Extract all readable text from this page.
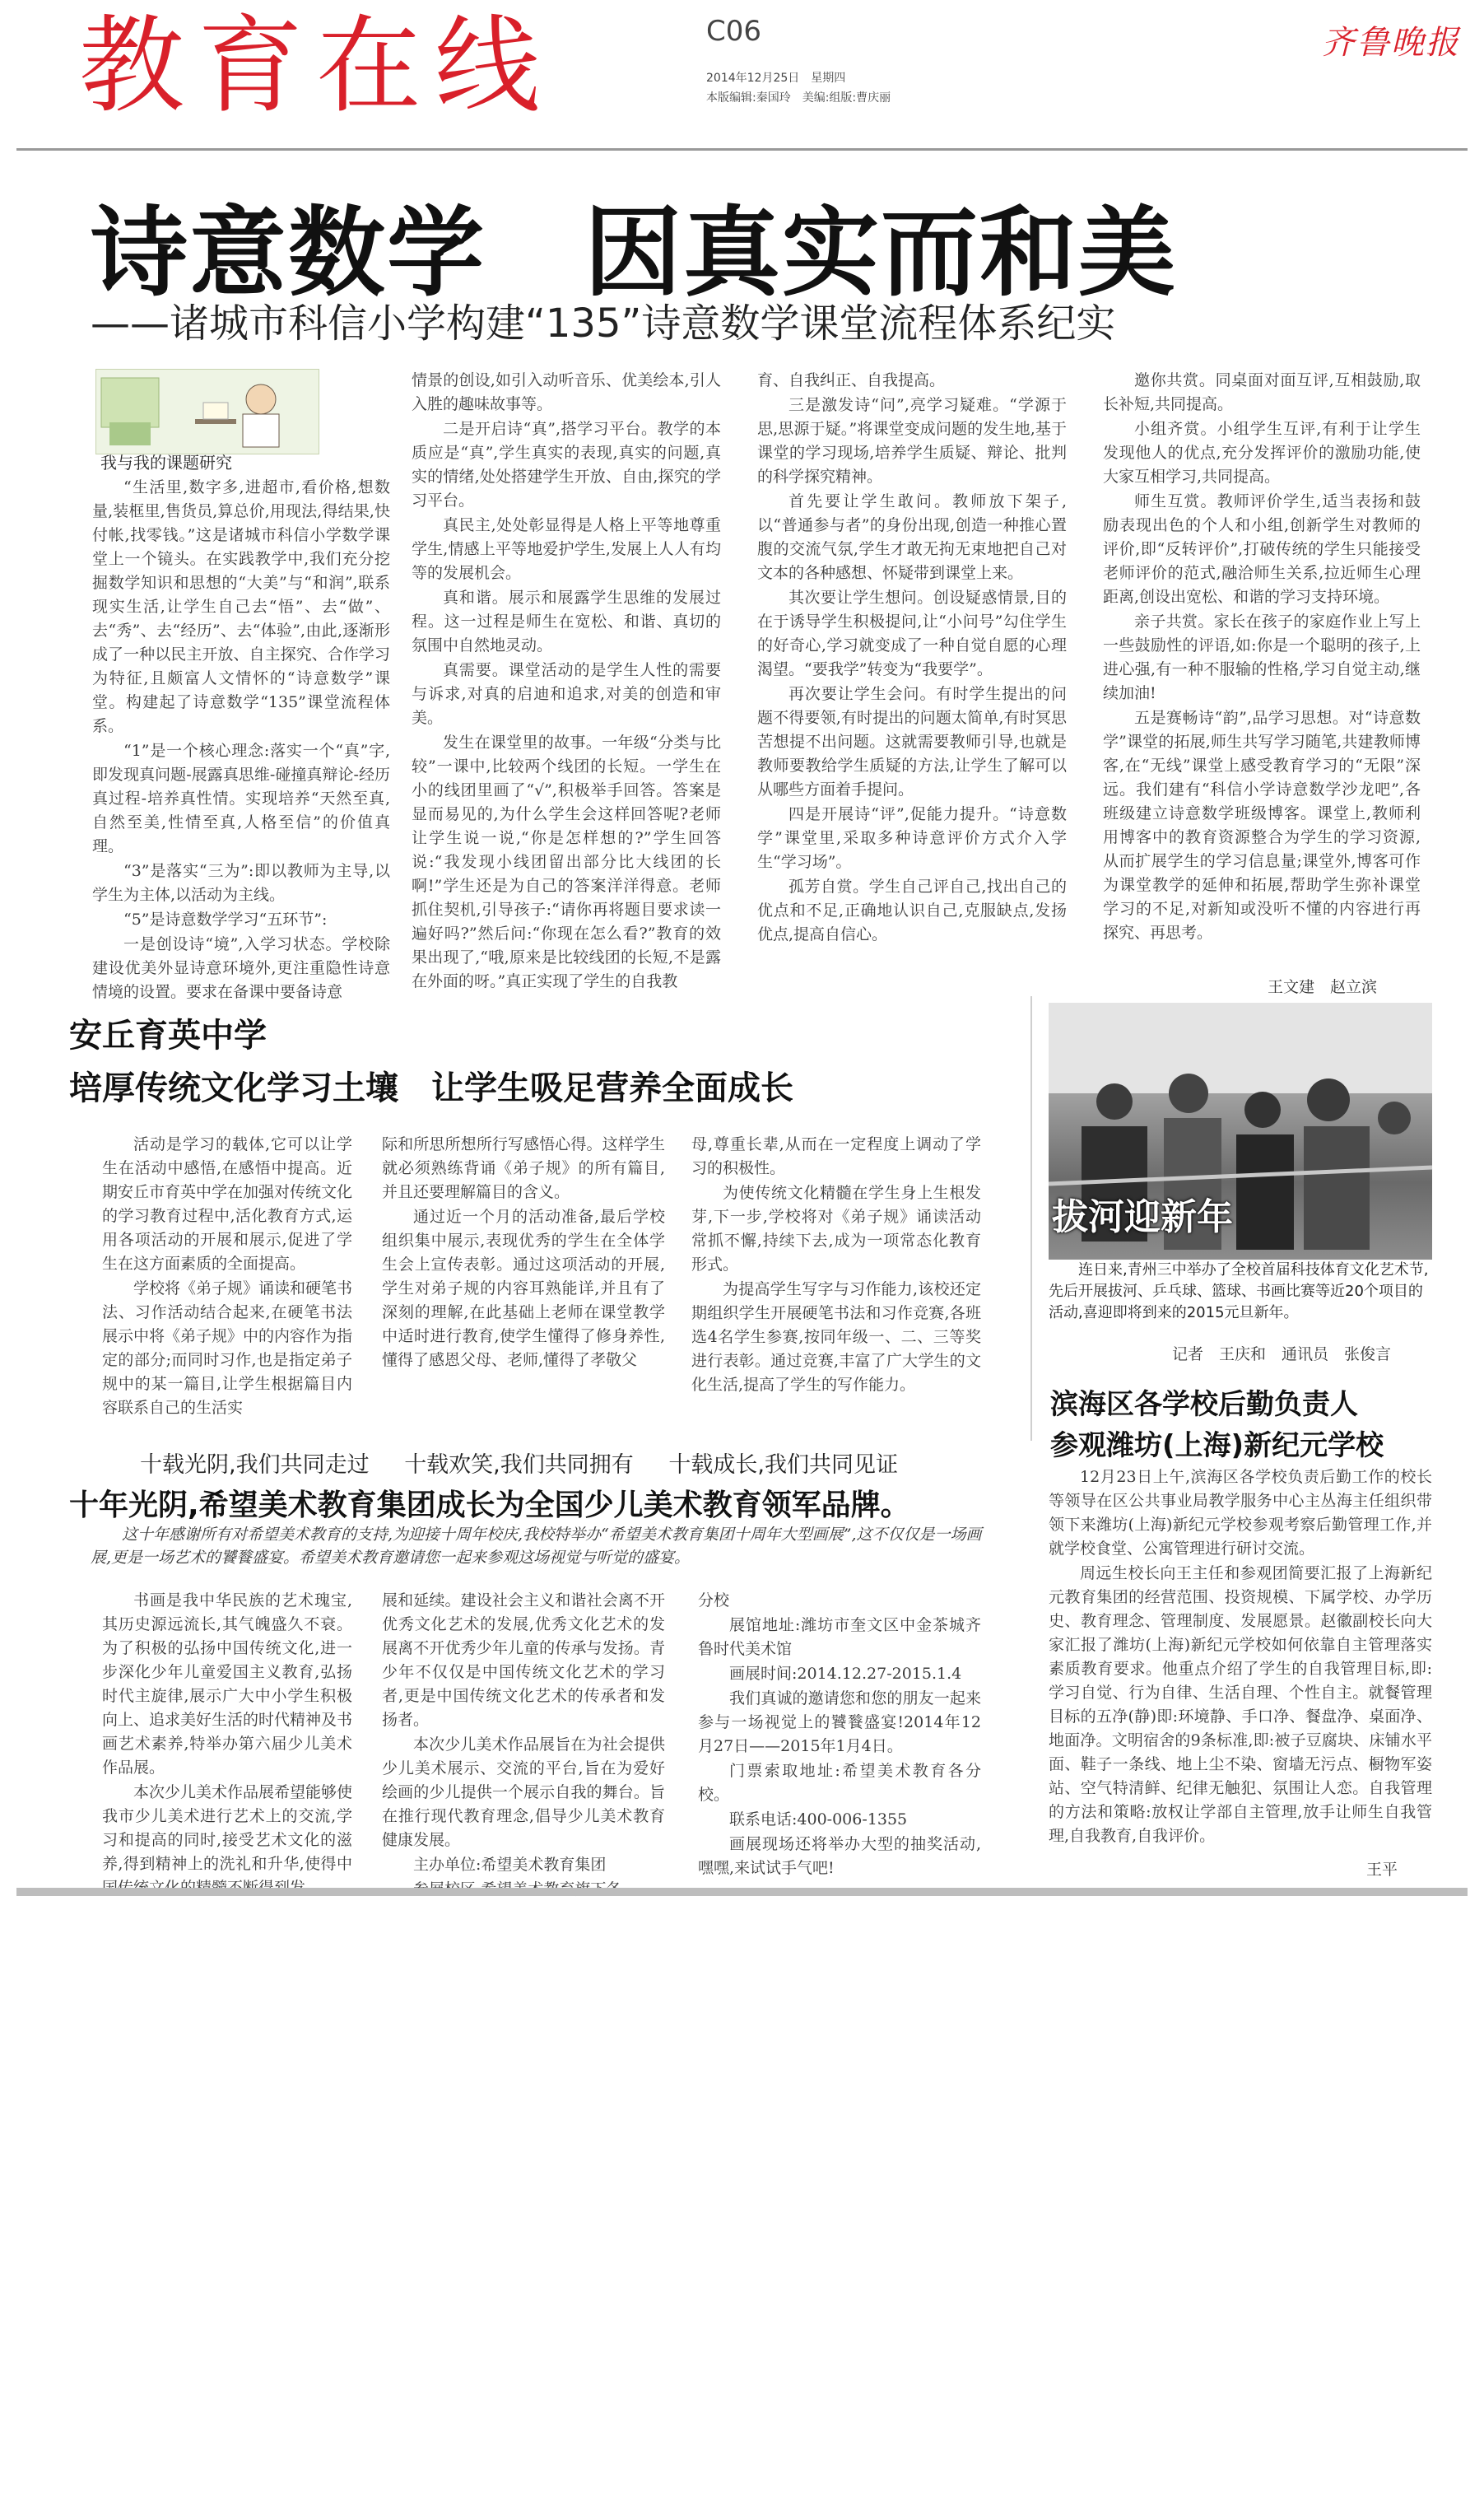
教育在线	C06
2014年12月25日　星期四
本版编辑:秦国玲　美编:组版:曹庆丽
齐鲁晚报
诗意数学　因真实而和美
——诸城市科信小学构建“135”诗意数学课堂流程体系纪实
我与我的课题研究

“生活里,数字多,进超市,看价格,想数量,装框里,售货员,算总价,用现法,得结果,快付帐,找零钱。”这是诸城市科信小学数学课堂上一个镜头。在实践教学中,我们充分挖掘数学知识和思想的“大美”与“和润”,联系现实生活,让学生自己去“悟”、去“做”、去“秀”、去“经历”、去“体验”,由此,逐渐形成了一种以民主开放、自主探究、合作学习为特征,且颇富人文情怀的“诗意数学”课堂。构建起了诗意数学“135”课堂流程体系。

“1”是一个核心理念:落实一个“真”字,即发现真问题-展露真思维-碰撞真辩论-经历真过程-培养真性情。实现培养“天然至真,自然至美,性情至真,人格至信”的价值真理。

“3”是落实“三为”:即以教师为主导,以学生为主体,以活动为主线。

“5”是诗意数学学习“五环节”:

一是创设诗“境”,入学习状态。学校除建设优美外显诗意环境外,更注重隐性诗意情境的设置。要求在备课中要备诗意

情景的创设,如引入动听音乐、优美绘本,引人入胜的趣味故事等。

二是开启诗“真”,搭学习平台。教学的本质应是“真”,学生真实的表现,真实的问题,真实的情绪,处处搭建学生开放、自由,探究的学习平台。

真民主,处处彰显得是人格上平等地尊重学生,情感上平等地爱护学生,发展上人人有均等的发展机会。

真和谐。展示和展露学生思维的发展过程。这一过程是师生在宽松、和谐、真切的氛围中自然地灵动。

真需要。课堂活动的是学生人性的需要与诉求,对真的启迪和追求,对美的创造和审美。

发生在课堂里的故事。一年级“分类与比较”一课中,比较两个线团的长短。一学生在小的线团里画了“√”,积极举手回答。答案是显而易见的,为什么学生会这样回答呢?老师让学生说一说,“你是怎样想的?”学生回答说:“我发现小线团留出部分比大线团的长啊!”学生还是为自己的答案洋洋得意。老师抓住契机,引导孩子:“请你再将题目要求读一遍好吗?”然后问:“你现在怎么看?”教育的效果出现了,“哦,原来是比较线团的长短,不是露在外面的呀。”真正实现了学生的自我教

育、自我纠正、自我提高。

三是激发诗“问”,亮学习疑难。“学源于思,思源于疑。”将课堂变成问题的发生地,基于课堂的学习现场,培养学生质疑、辩论、批判的科学探究精神。

首先要让学生敢问。教师放下架子,以“普通参与者”的身份出现,创造一种推心置腹的交流气氛,学生才敢无拘无束地把自己对文本的各种感想、怀疑带到课堂上来。

其次要让学生想问。创设疑惑情景,目的在于诱导学生积极提问,让“小问号”勾住学生的好奇心,学习就变成了一种自觉自愿的心理渴望。“要我学”转变为“我要学”。

再次要让学生会问。有时学生提出的问题不得要领,有时提出的问题太简单,有时冥思苦想提不出问题。这就需要教师引导,也就是教师要教给学生质疑的方法,让学生了解可以从哪些方面着手提问。

四是开展诗“评”,促能力提升。“诗意数学”课堂里,采取多种诗意评价方式介入学生“学习场”。

孤芳自赏。学生自己评自己,找出自己的优点和不足,正确地认识自己,克服缺点,发扬优点,提高自信心。

邀你共赏。同桌面对面互评,互相鼓励,取长补短,共同提高。

小组齐赏。小组学生互评,有利于让学生发现他人的优点,充分发挥评价的激励功能,使大家互相学习,共同提高。

师生互赏。教师评价学生,适当表扬和鼓励表现出色的个人和小组,创新学生对教师的评价,即“反转评价”,打破传统的学生只能接受老师评价的范式,融洽师生关系,拉近师生心理距离,创设出宽松、和谐的学习支持环境。

亲子共赏。家长在孩子的家庭作业上写上一些鼓励性的评语,如:你是一个聪明的孩子,上进心强,有一种不服输的性格,学习自觉主动,继续加油!

五是赛畅诗“韵”,品学习思想。对“诗意数学”课堂的拓展,师生共写学习随笔,共建教师博客,在“无线”课堂上感受教育学习的“无限”深远。我们建有“科信小学诗意数学沙龙吧”,各班级建立诗意数学班级博客。课堂上,教师利用博客中的教育资源整合为学生的学习资源,从而扩展学生的学习信息量;课堂外,博客可作为课堂教学的延伸和拓展,帮助学生弥补课堂学习的不足,对新知或没听不懂的内容进行再探究、再思考。

王文建　赵立滨
安丘育英中学
培厚传统文化学习土壤　让学生吸足营养全面成长

活动是学习的载体,它可以让学生在活动中感悟,在感悟中提高。近期安丘市育英中学在加强对传统文化的学习教育过程中,活化教育方式,运用各项活动的开展和展示,促进了学生在这方面素质的全面提高。

学校将《弟子规》诵读和硬笔书法、习作活动结合起来,在硬笔书法展示中将《弟子规》中的内容作为指定的部分;而同时习作,也是指定弟子规中的某一篇目,让学生根据篇目内容联系自己的生活实

际和所思所想所行写感悟心得。这样学生就必须熟练背诵《弟子规》的所有篇目,并且还要理解篇目的含义。

通过近一个月的活动准备,最后学校组织集中展示,表现优秀的学生在全体学生会上宣传表彰。通过这项活动的开展,学生对弟子规的内容耳熟能详,并且有了深刻的理解,在此基础上老师在课堂教学中适时进行教育,使学生懂得了修身养性,懂得了感恩父母、老师,懂得了孝敬父

母,尊重长辈,从而在一定程度上调动了学习的积极性。

为使传统文化精髓在学生身上生根发芽,下一步,学校将对《弟子规》诵读活动常抓不懈,持续下去,成为一项常态化教育形式。

为提高学生写字与习作能力,该校还定期组织学生开展硬笔书法和习作竞赛,各班选4名学生参赛,按同年级一、二、三等奖进行表彰。通过竞赛,丰富了广大学生的文化生活,提高了学生的写作能力。

拔河迎新年
连日来,青州三中举办了全校首届科技体育文化艺术节,先后开展拔河、乒乓球、篮球、书画比赛等近20个项目的活动,喜迎即将到来的2015元旦新年。
记者　王庆和　通讯员　张俊言
滨海区各学校后勤负责人
参观潍坊(上海)新纪元学校

12月23日上午,滨海区各学校负责后勤工作的校长等领导在区公共事业局教学服务中心主丛海主任组织带领下来潍坊(上海)新纪元学校参观考察后勤管理工作,并就学校食堂、公寓管理进行研讨交流。

周远生校长向王主任和参观团简要汇报了上海新纪元教育集团的经营范围、投资规模、下属学校、办学历史、教育理念、管理制度、发展愿景。赵徽副校长向大家汇报了潍坊(上海)新纪元学校如何依靠自主管理落实素质教育要求。他重点介绍了学生的自我管理目标,即:学习自觉、行为自律、生活自理、个性自主。就餐管理目标的五净(静)即:环境静、手口净、餐盘净、桌面净、地面净。文明宿舍的9条标准,即:被子豆腐块、床铺水平面、鞋子一条线、地上尘不染、窗墙无污点、橱物军姿站、空气特清鲜、纪律无触犯、氛围让人恋。自我管理的方法和策略:放权让学部自主管理,放手让师生自我管理,自我教育,自我评价。

王平
十载光阴,我们共同走过 十载欢笑,我们共同拥有 十载成长,我们共同见证
十年光阴,希望美术教育集团成长为全国少儿美术教育领军品牌。
这十年感谢所有对希望美术教育的支持,为迎接十周年校庆,我校特举办“希望美术教育集团十周年大型画展”,这不仅仅是一场画展,更是一场艺术的饕餮盛宴。希望美术教育邀请您一起来参观这场视觉与听觉的盛宴。

书画是我中华民族的艺术瑰宝,其历史源远流长,其气魄盛久不衰。为了积极的弘扬中国传统文化,进一步深化少年儿童爱国主义教育,弘扬时代主旋律,展示广大中小学生积极向上、追求美好生活的时代精神及书画艺术素养,特举办第六届少儿美术作品展。

本次少儿美术作品展希望能够使我市少儿美术进行艺术上的交流,学习和提高的同时,接受艺术文化的滋养,得到精神上的洗礼和升华,使得中

展和延续。建设社会主义和谐社会离不开优秀文化艺术的发展,优秀文化艺术的发展离不开优秀少年儿童的传承与发扬。青少年不仅仅是中国传统文化艺术的学习者,更是中国传统文化艺术的传承者和发扬者。

本次少儿美术作品展旨在为社会提供少儿美术展示、交流的平台,旨在为爱好绘画的少儿提供一个展示自我的舞台。旨在推行现代教育理念,倡导少儿美术教育健康发展。

主办单位:希望美术教育集团

分校

展馆地址:潍坊市奎文区中金茶城齐鲁时代美术馆

画展时间:2014.12.27-2015.1.4

我们真诚的邀请您和您的朋友一起来参与一场视觉上的饕餮盛宴!2014年12月27日——2015年1月4日。

门票索取地址:希望美术教育各分校。

联系电话:400-006-1355

画展现场还将举办大型的抽奖活动,嘿嘿,来试试手气吧!
